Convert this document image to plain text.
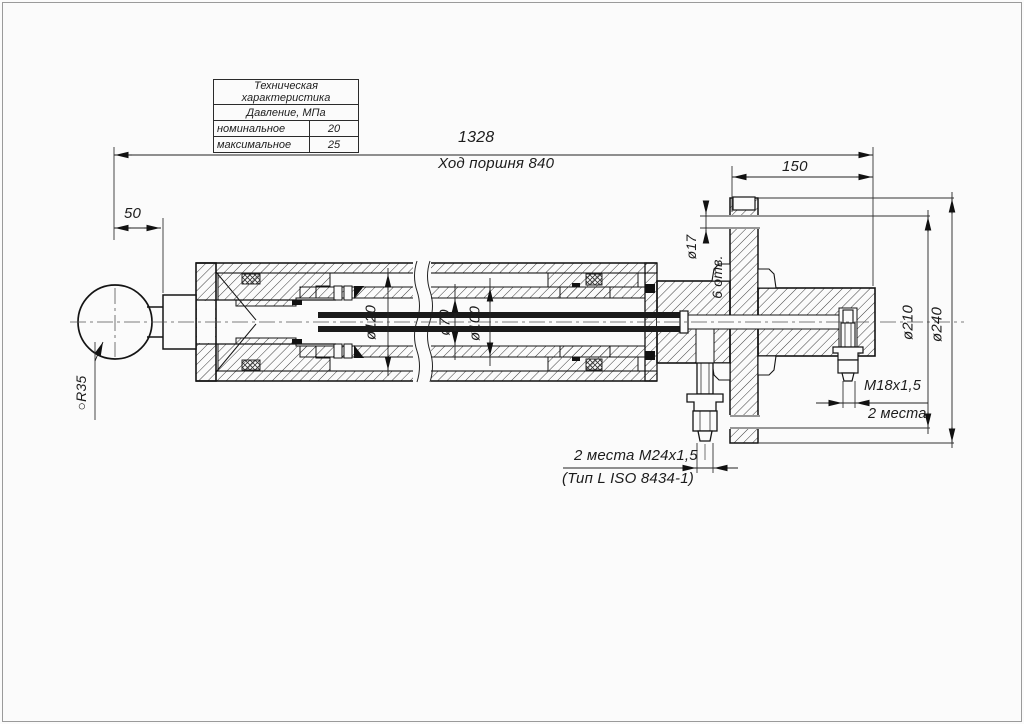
1328
Ход поршня 840	150
50
ø17
6 отв.
ø120	ø70 ø100	ø210 ø240
○R35	M18x1,5
2 места
2 места M24x1,5
(Тип L ISO 8434-1)
Техническая характеристика	
Давление, МПа	
номинальное	20
максимальное	25
